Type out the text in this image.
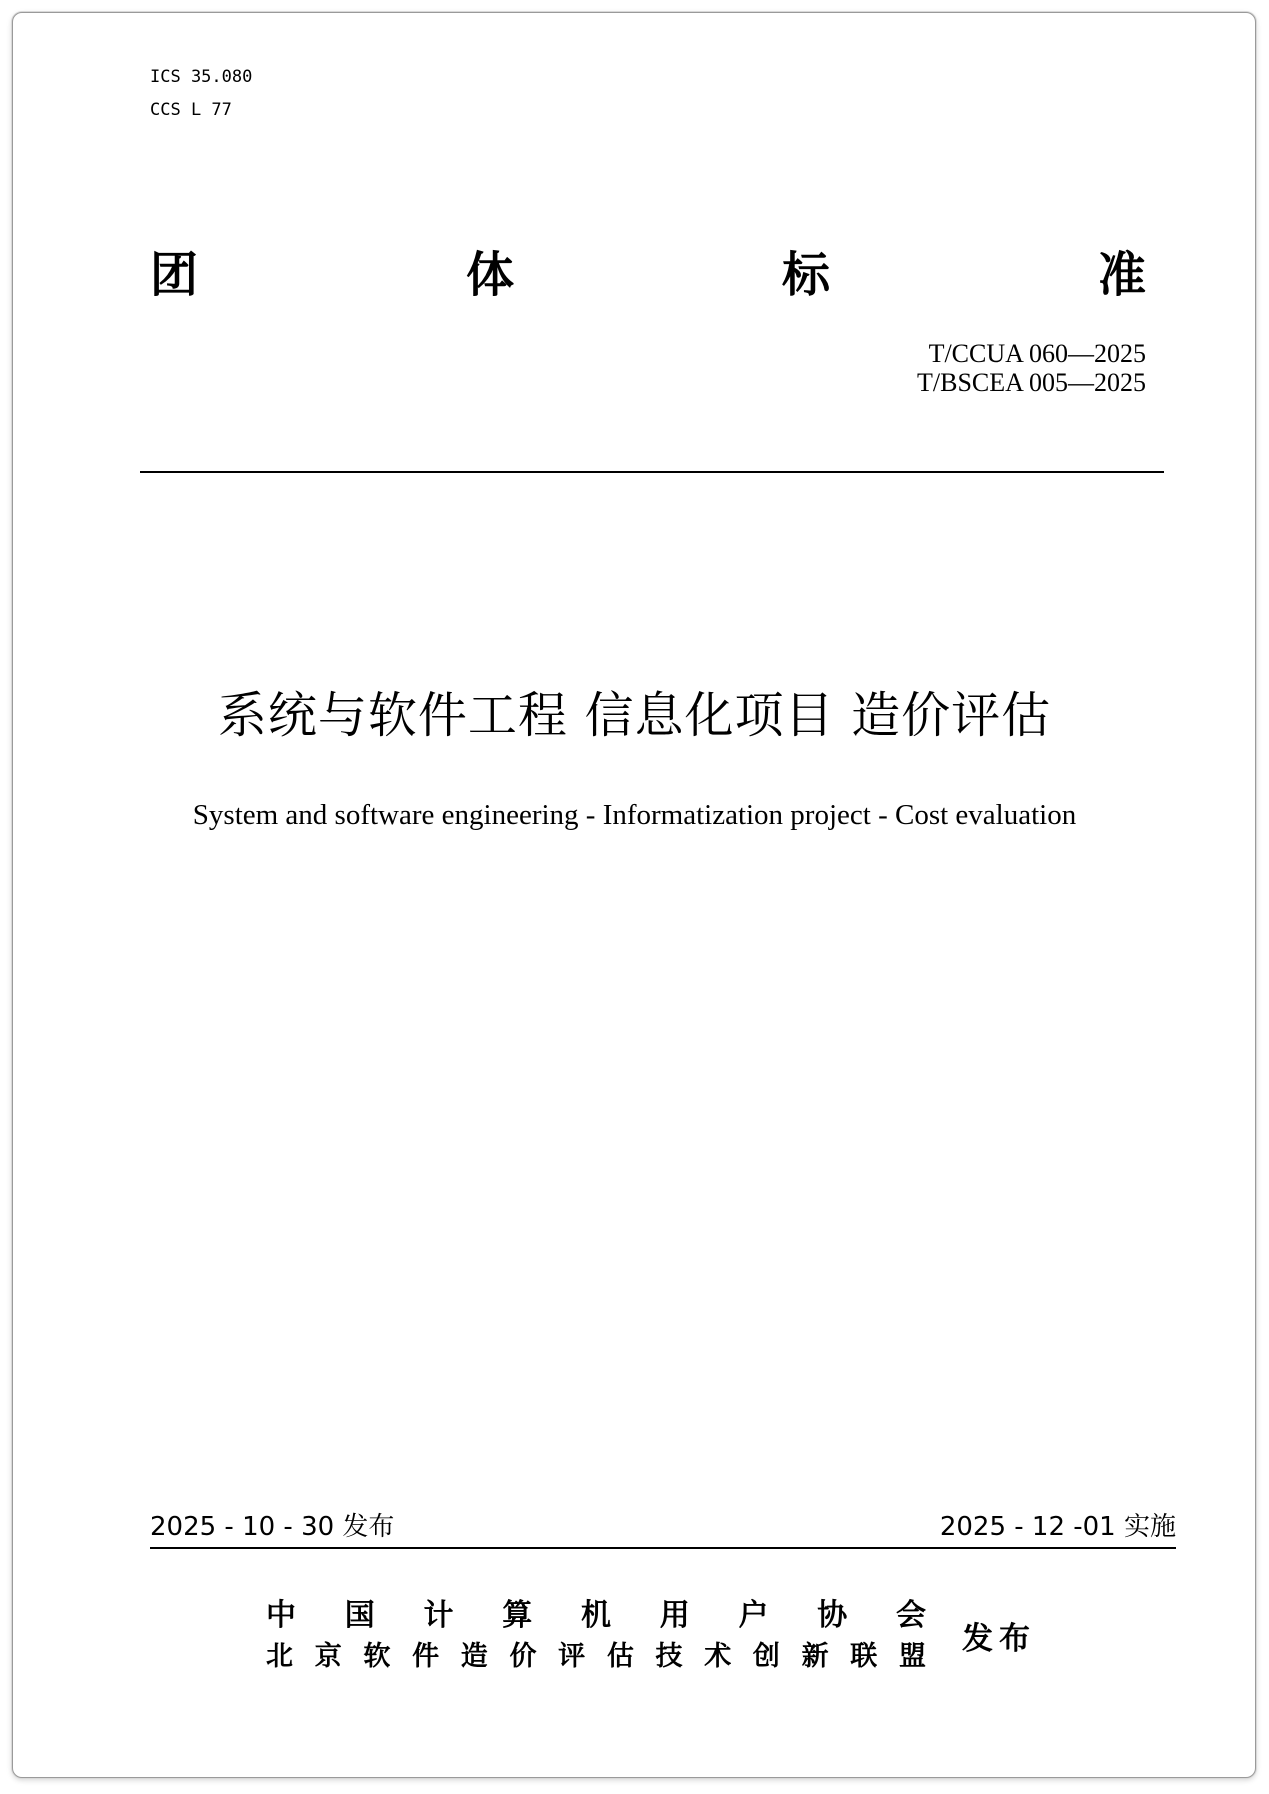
ICS 35.080
CCS L 77
团	体	标	准
T/CCUA 060—2025
T/BSCEA 005—2025
系统与软件工程 信息化项目 造价评估
System and software engineering - Informatization project - Cost evaluation
2025 - 10 - 30 发布	2025 - 12 -01 实施
中 国 计 算 机 用 户 协 会
北 京 软 件 造 价 评 估 技 术 创 新 联 盟 发布
